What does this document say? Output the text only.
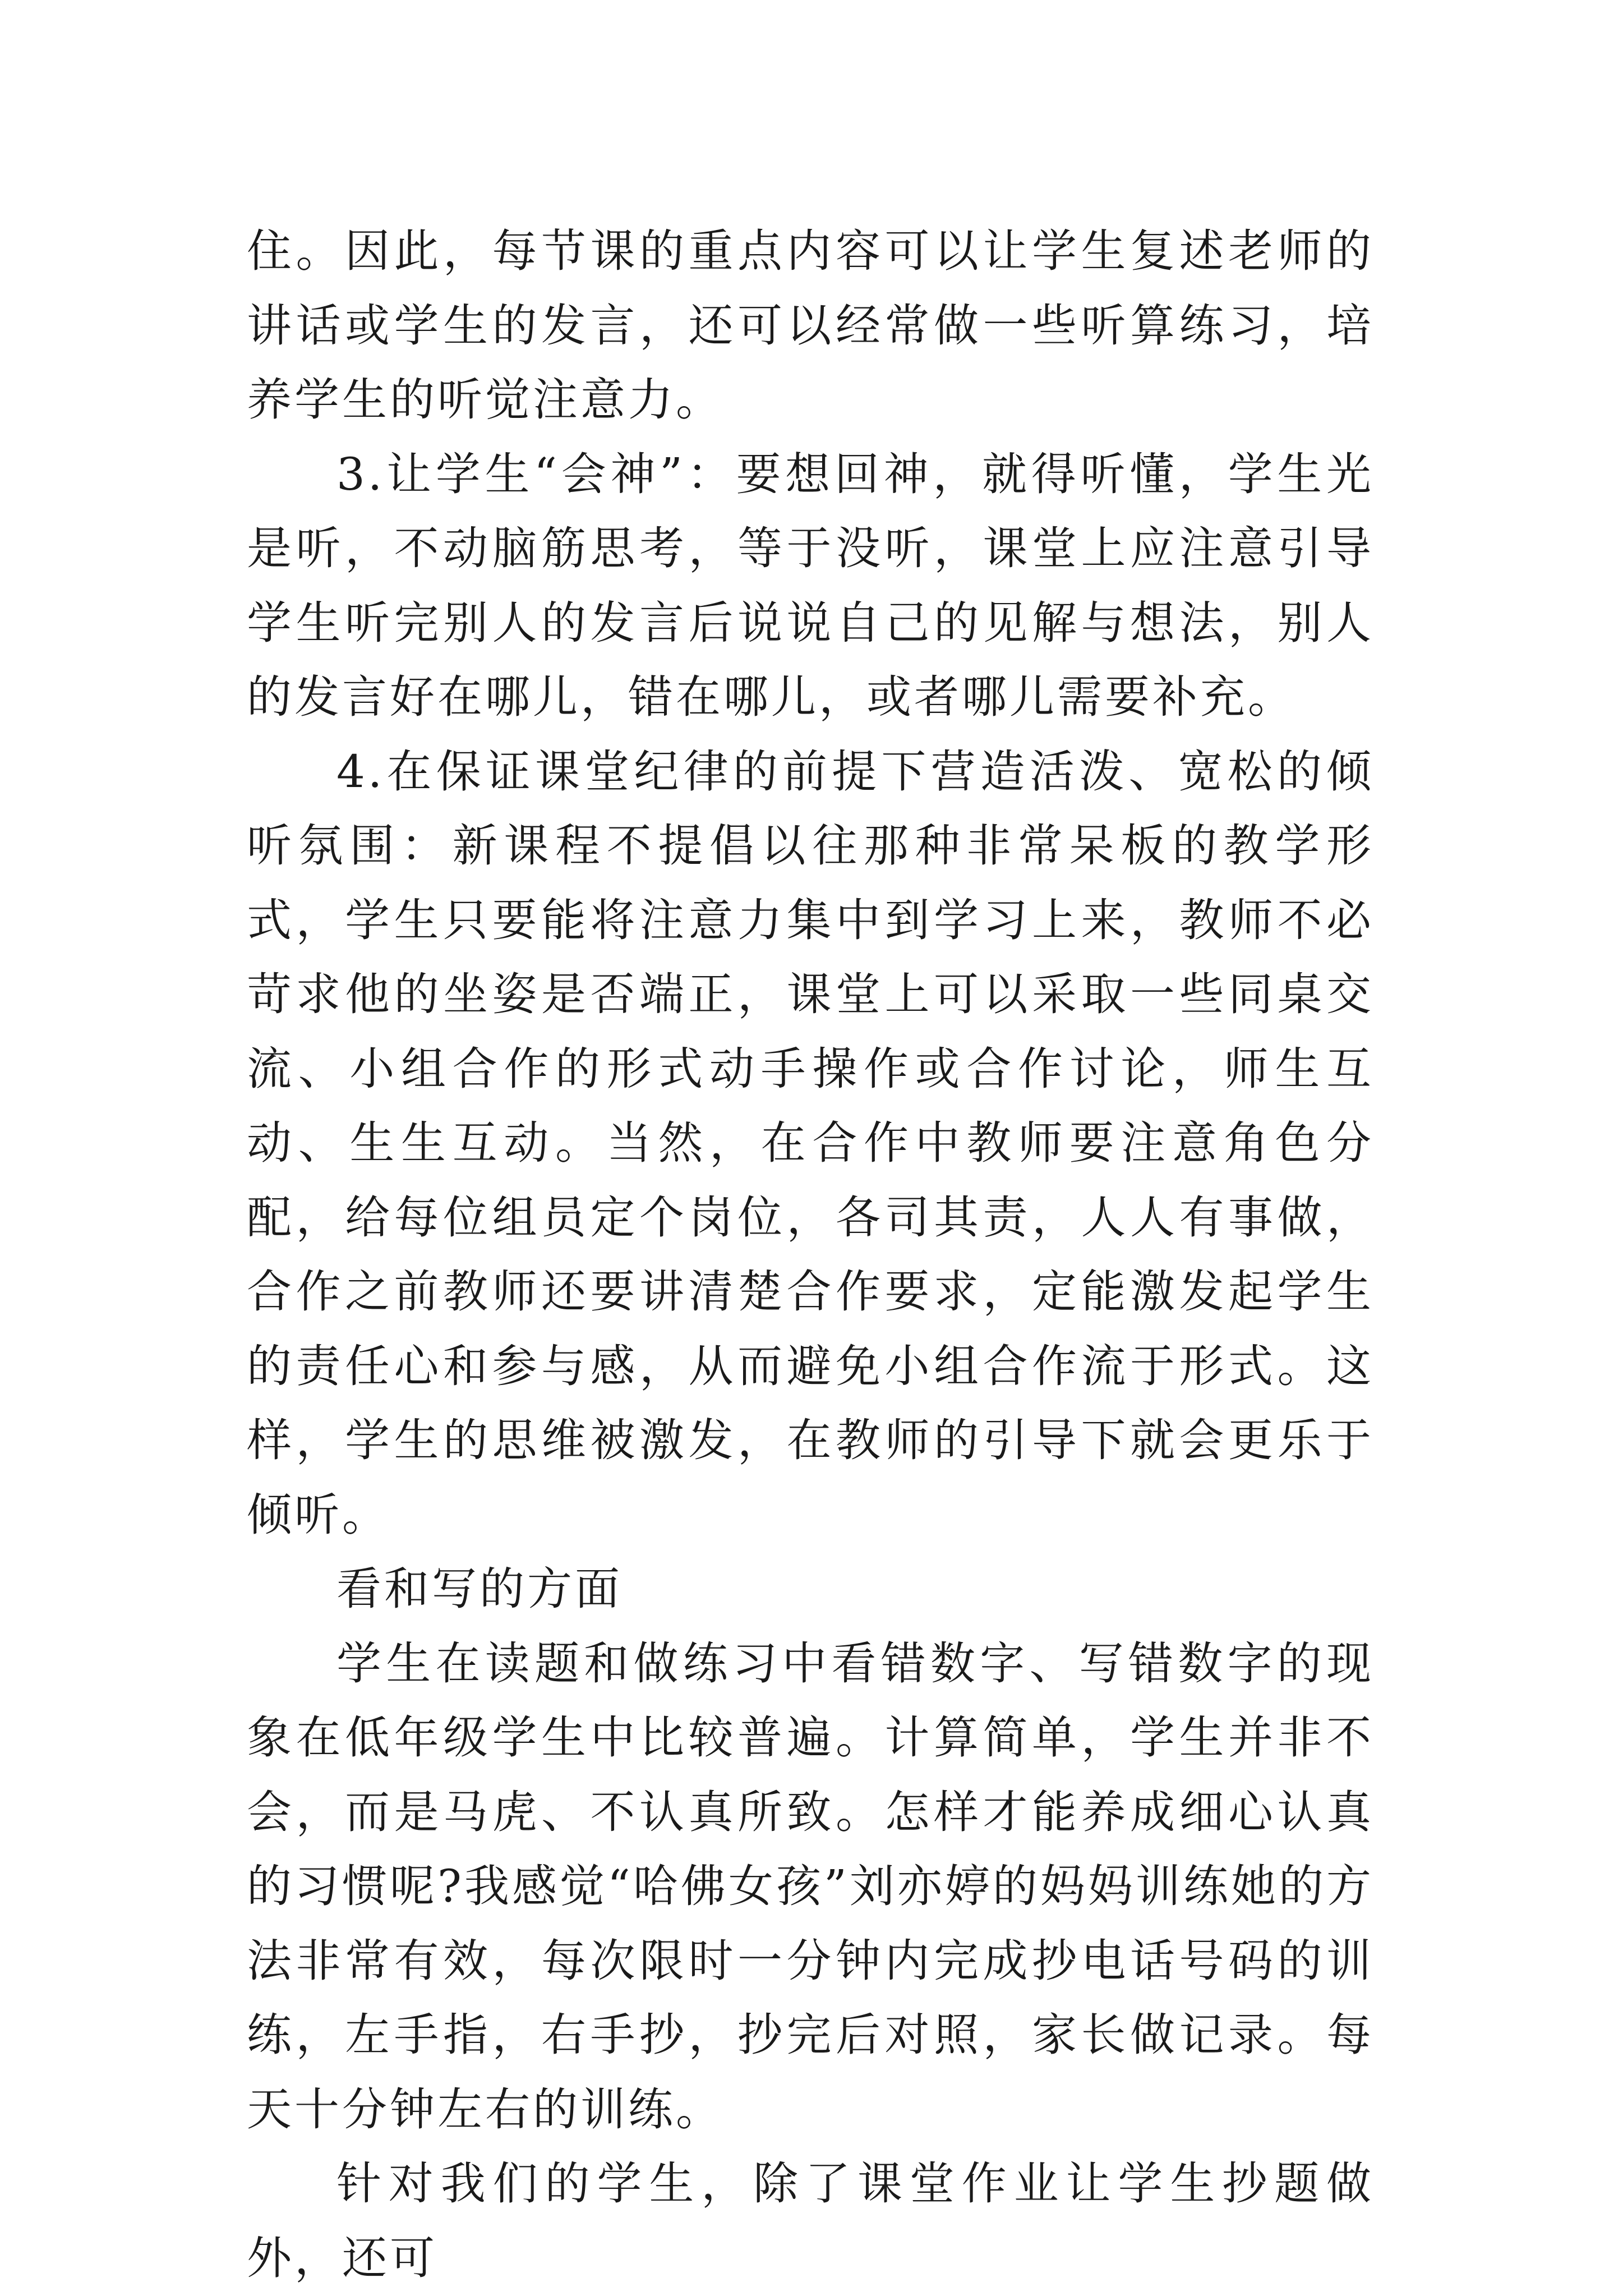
住。因此，每节课的重点内容可以让学生复述老师的讲话或学生的发言，还可以经常做一些听算练习，培养学生的听觉注意力。

3.让学生“会神”：要想回神，就得听懂，学生光是听，不动脑筋思考，等于没听，课堂上应注意引导学生听完别人的发言后说说自己的见解与想法，别人的发言好在哪儿，错在哪儿，或者哪儿需要补充。

4.在保证课堂纪律的前提下营造活泼、宽松的倾听氛围：新课程不提倡以往那种非常呆板的教学形式，学生只要能将注意力集中到学习上来，教师不必苛求他的坐姿是否端正，课堂上可以采取一些同桌交流、小组合作的形式动手操作或合作讨论，师生互动、生生互动。当然，在合作中教师要注意角色分配，给每位组员定个岗位，各司其责，人人有事做，合作之前教师还要讲清楚合作要求，定能激发起学生的责任心和参与感，从而避免小组合作流于形式。这样，学生的思维被激发，在教师的引导下就会更乐于倾听。

看和写的方面

学生在读题和做练习中看错数字、写错数字的现象在低年级学生中比较普遍。计算简单，学生并非不会，而是马虎、不认真所致。怎样才能养成细心认真的习惯呢?我感觉“哈佛女孩”刘亦婷的妈妈训练她的方法非常有效，每次限时一分钟内完成抄电话号码的训练，左手指，右手抄，抄完后对照，家长做记录。每天十分钟左右的训练。

针对我们的学生，除了课堂作业让学生抄题做外，还可
